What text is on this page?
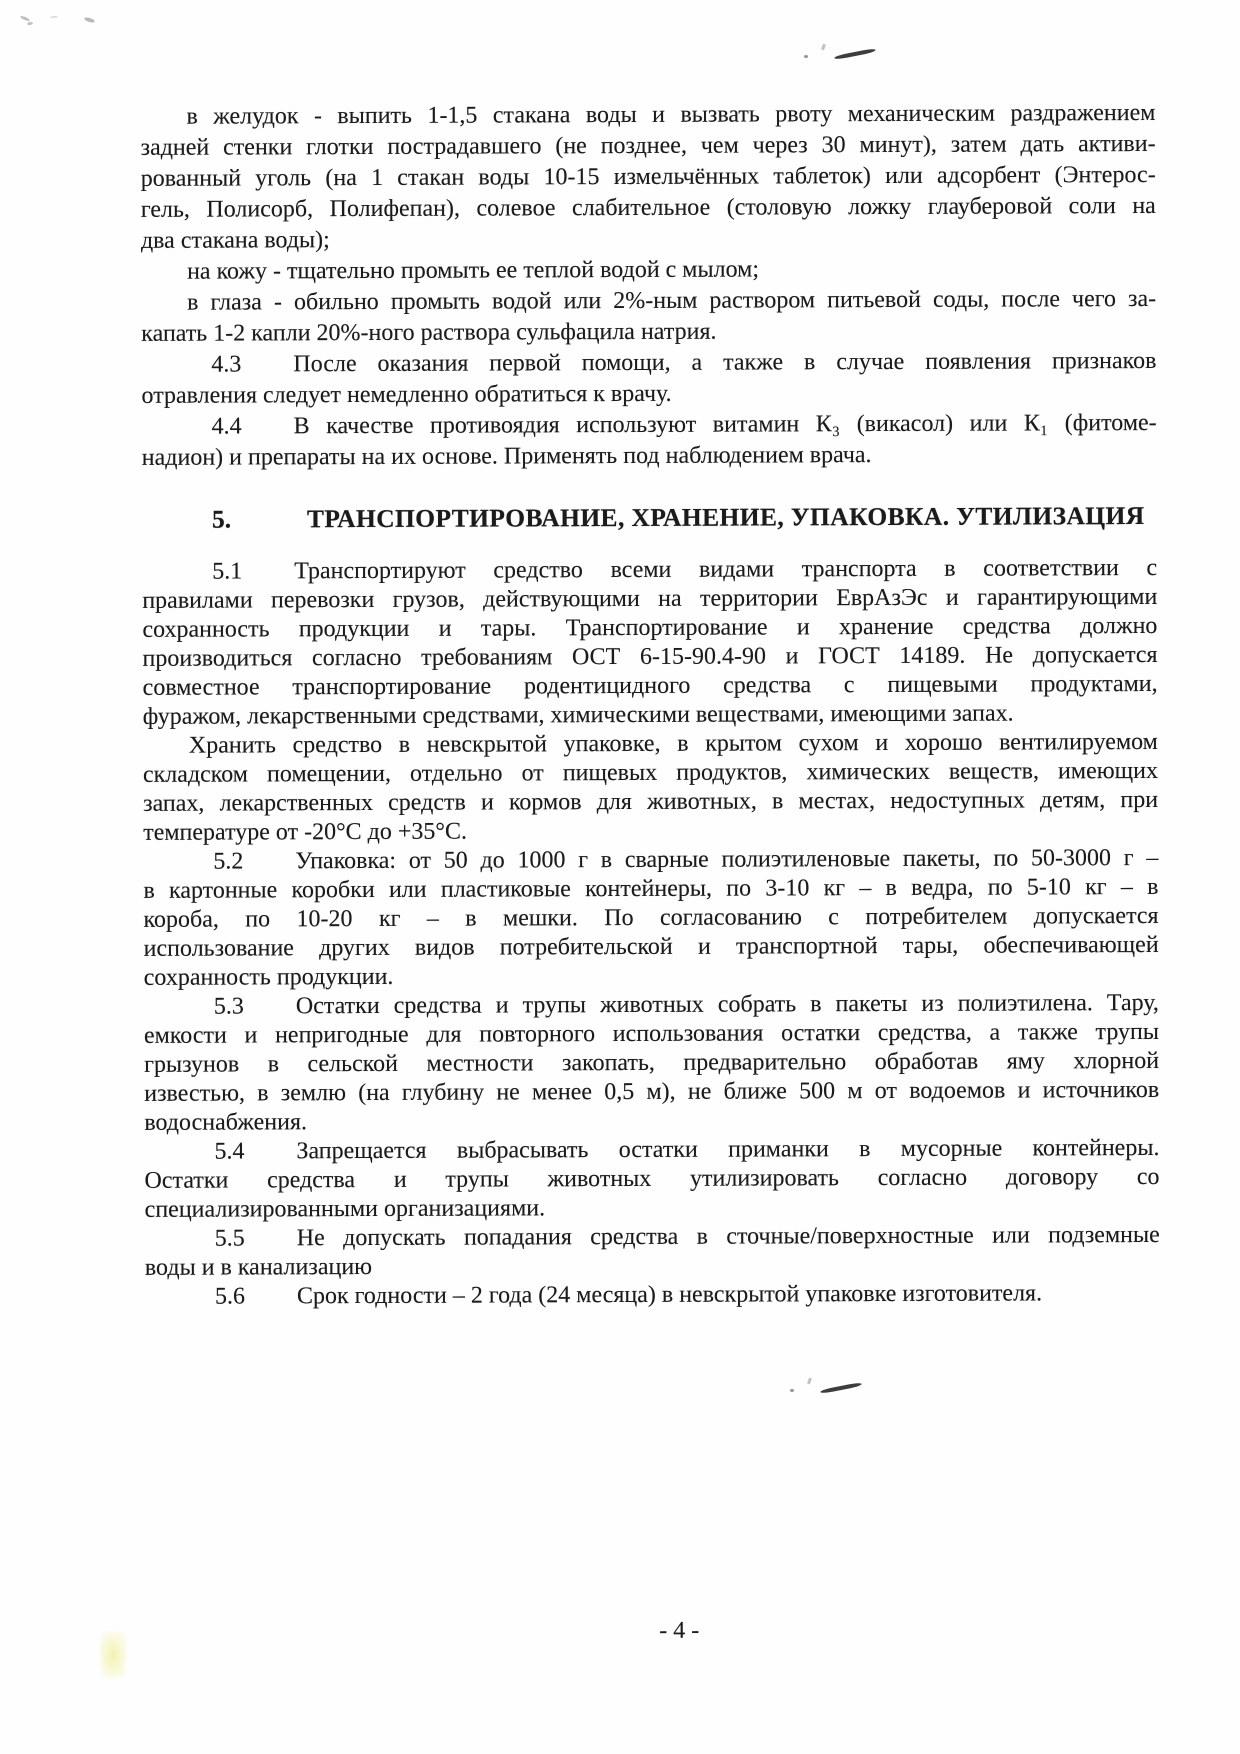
в желудок - выпить 1-1,5 стакана воды и вызвать рвоту механическим раздражением
задней стенки глотки пострадавшего (не позднее, чем через 30 минут), затем дать активи-
рованный уголь (на 1 стакан воды 10-15 измельчённых таблеток) или адсорбент (Энтерос-
гель, Полисорб, Полифепан), солевое слабительное (столовую ложку глауберовой соли на
два стакана воды);
на кожу - тщательно промыть ее теплой водой с мылом;
в глаза - обильно промыть водой или 2%-ным раствором питьевой соды, после чего за-
капать 1-2 капли 20%-ного раствора сульфацила натрия.
4.3 После оказания первой помощи, а также в случае появления признаков
отравления следует немедленно обратиться к врачу.
4.4 В качестве противоядия используют витамин К₃ (викасол) или К₁ (фитоме-
надион) и препараты на их основе. Применять под наблюдением врача.
5.	ТРАНСПОРТИРОВАНИЕ, ХРАНЕНИЕ, УПАКОВКА. УТИЛИЗАЦИЯ
5.1 Транспортируют средство всеми видами транспорта в соответствии с
правилами перевозки грузов, действующими на территории ЕврАзЭс и гарантирующими
сохранность продукции и тары. Транспортирование и хранение средства должно
производиться согласно требованиям ОСТ 6-15-90.4-90 и ГОСТ 14189. Не допускается
совместное транспортирование родентицидного средства с пищевыми продуктами,
фуражом, лекарственными средствами, химическими веществами, имеющими запах.
Хранить средство в невскрытой упаковке, в крытом сухом и хорошо вентилируемом
складском помещении, отдельно от пищевых продуктов, химических веществ, имеющих
запах, лекарственных средств и кормов для животных, в местах, недоступных детям, при
температуре от -20°С до +35°С.
5.2 Упаковка: от 50 до 1000 г в сварные полиэтиленовые пакеты, по 50-3000 г –
в картонные коробки или пластиковые контейнеры, по 3-10 кг – в ведра, по 5-10 кг – в
короба, по 10-20 кг – в мешки. По согласованию с потребителем допускается
использование других видов потребительской и транспортной тары, обеспечивающей
сохранность продукции.
5.3 Остатки средства и трупы животных собрать в пакеты из полиэтилена. Тару,
емкости и непригодные для повторного использования остатки средства, а также трупы
грызунов в сельской местности закопать, предварительно обработав яму хлорной
известью, в землю (на глубину не менее 0,5 м), не ближе 500 м от водоемов и источников
водоснабжения.
5.4 Запрещается выбрасывать остатки приманки в мусорные контейнеры.
Остатки средства и трупы животных утилизировать согласно договору со
специализированными организациями.
5.5 Не допускать попадания средства в сточные/поверхностные или подземные
воды и в канализацию
5.6 Срок годности – 2 года (24 месяца) в невскрытой упаковке изготовителя.
- 4 -
